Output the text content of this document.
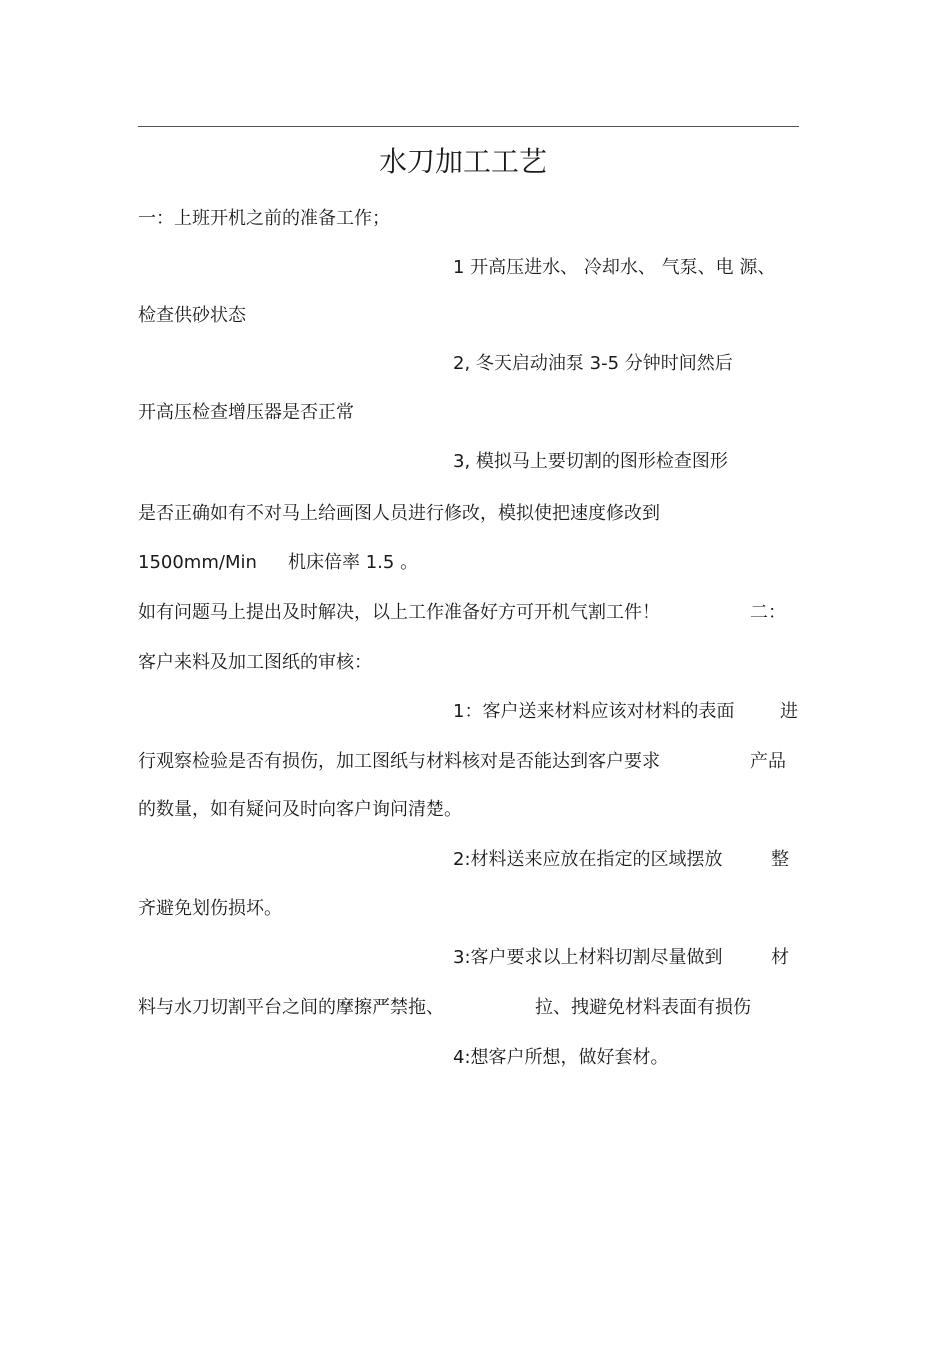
水刀加工工艺
一：上班开机之前的准备工作；
1 开高压进水、 冷却水、 气泵、电 源、
检查供砂状态
2, 冬天启动油泵 3-5 分钟时间然后
开高压检查增压器是否正常
3, 模拟马上要切割的图形检查图形
是否正确如有不对马上给画图人员进行修改，模拟使把速度修改到
1500mm/Min 机床倍率 1.5 。
如有问题马上提出及时解决，以上工作准备好方可开机气割工件！	二：
客户来料及加工图纸的审核：
1：客户送来材料应该对材料的表面	进
行观察检验是否有损伤，加工图纸与材料核对是否能达到客户要求	产品
的数量，如有疑问及时向客户询问清楚。
2:材料送来应放在指定的区域摆放	整
齐避免划伤损坏。
3:客户要求以上材料切割尽量做到	材
料与水刀切割平台之间的摩擦严禁拖、	拉、拽避免材料表面有损伤
4:想客户所想，做好套材。
